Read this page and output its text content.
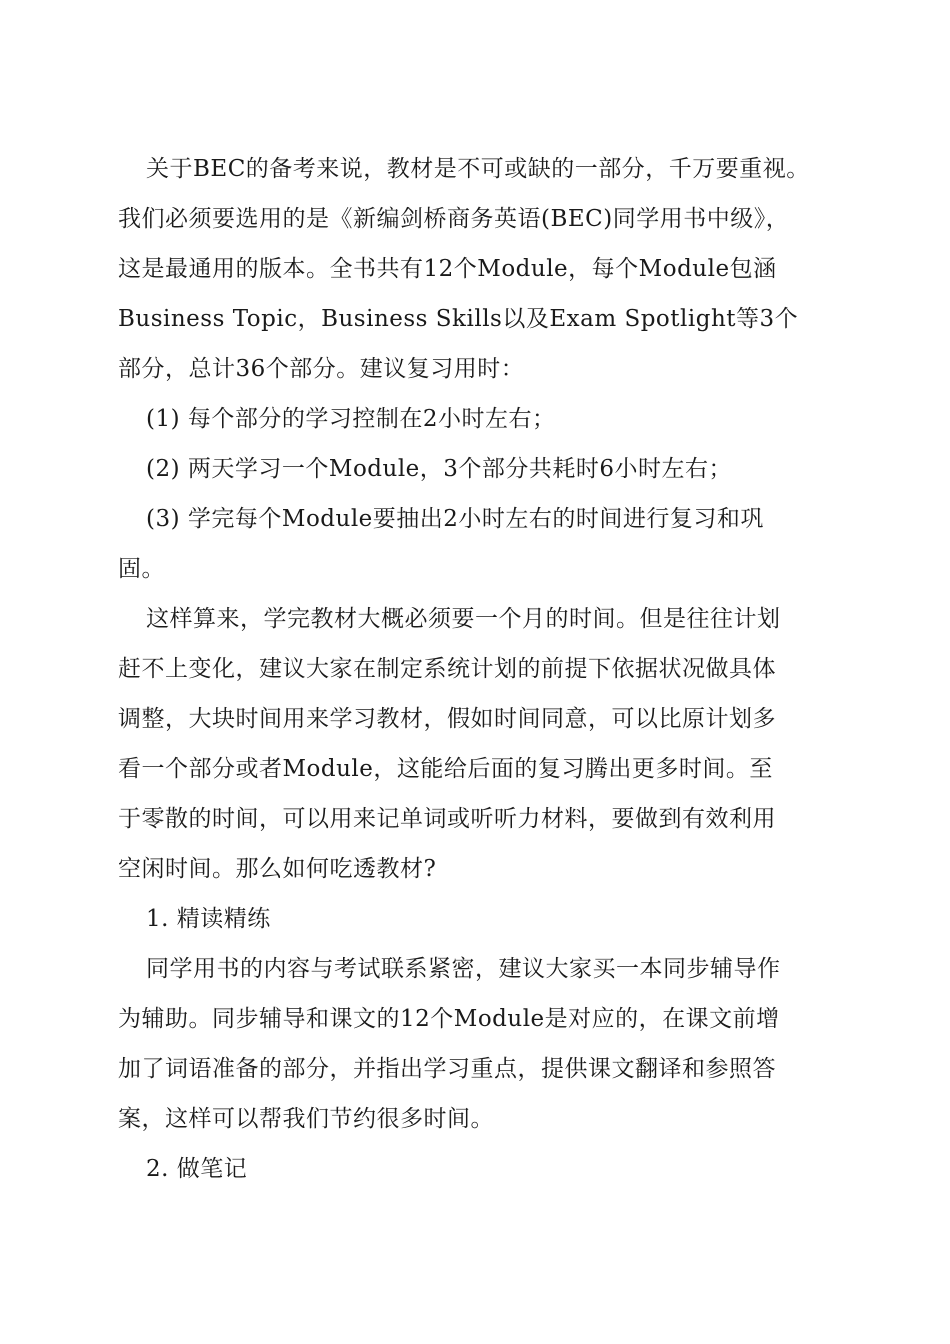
关于BEC的备考来说，教材是不可或缺的一部分，千万要重视。
我们必须要选用的是《新编剑桥商务英语(BEC)同学用书中级》，
这是最通用的版本。全书共有12个Module，每个Module包涵
Business Topic，Business Skills以及Exam Spotlight等3个
部分，总计36个部分。建议复习用时：
(1) 每个部分的学习控制在2小时左右；
(2) 两天学习一个Module，3个部分共耗时6小时左右；
(3) 学完每个Module要抽出2小时左右的时间进行复习和巩
固。
这样算来，学完教材大概必须要一个月的时间。但是往往计划
赶不上变化，建议大家在制定系统计划的前提下依据状况做具体
调整，大块时间用来学习教材，假如时间同意，可以比原计划多
看一个部分或者Module，这能给后面的复习腾出更多时间。至
于零散的时间，可以用来记单词或听听力材料，要做到有效利用
空闲时间。那么如何吃透教材?
1. 精读精练
同学用书的内容与考试联系紧密，建议大家买一本同步辅导作
为辅助。同步辅导和课文的12个Module是对应的，在课文前增
加了词语准备的部分，并指出学习重点，提供课文翻译和参照答
案，这样可以帮我们节约很多时间。
2. 做笔记
